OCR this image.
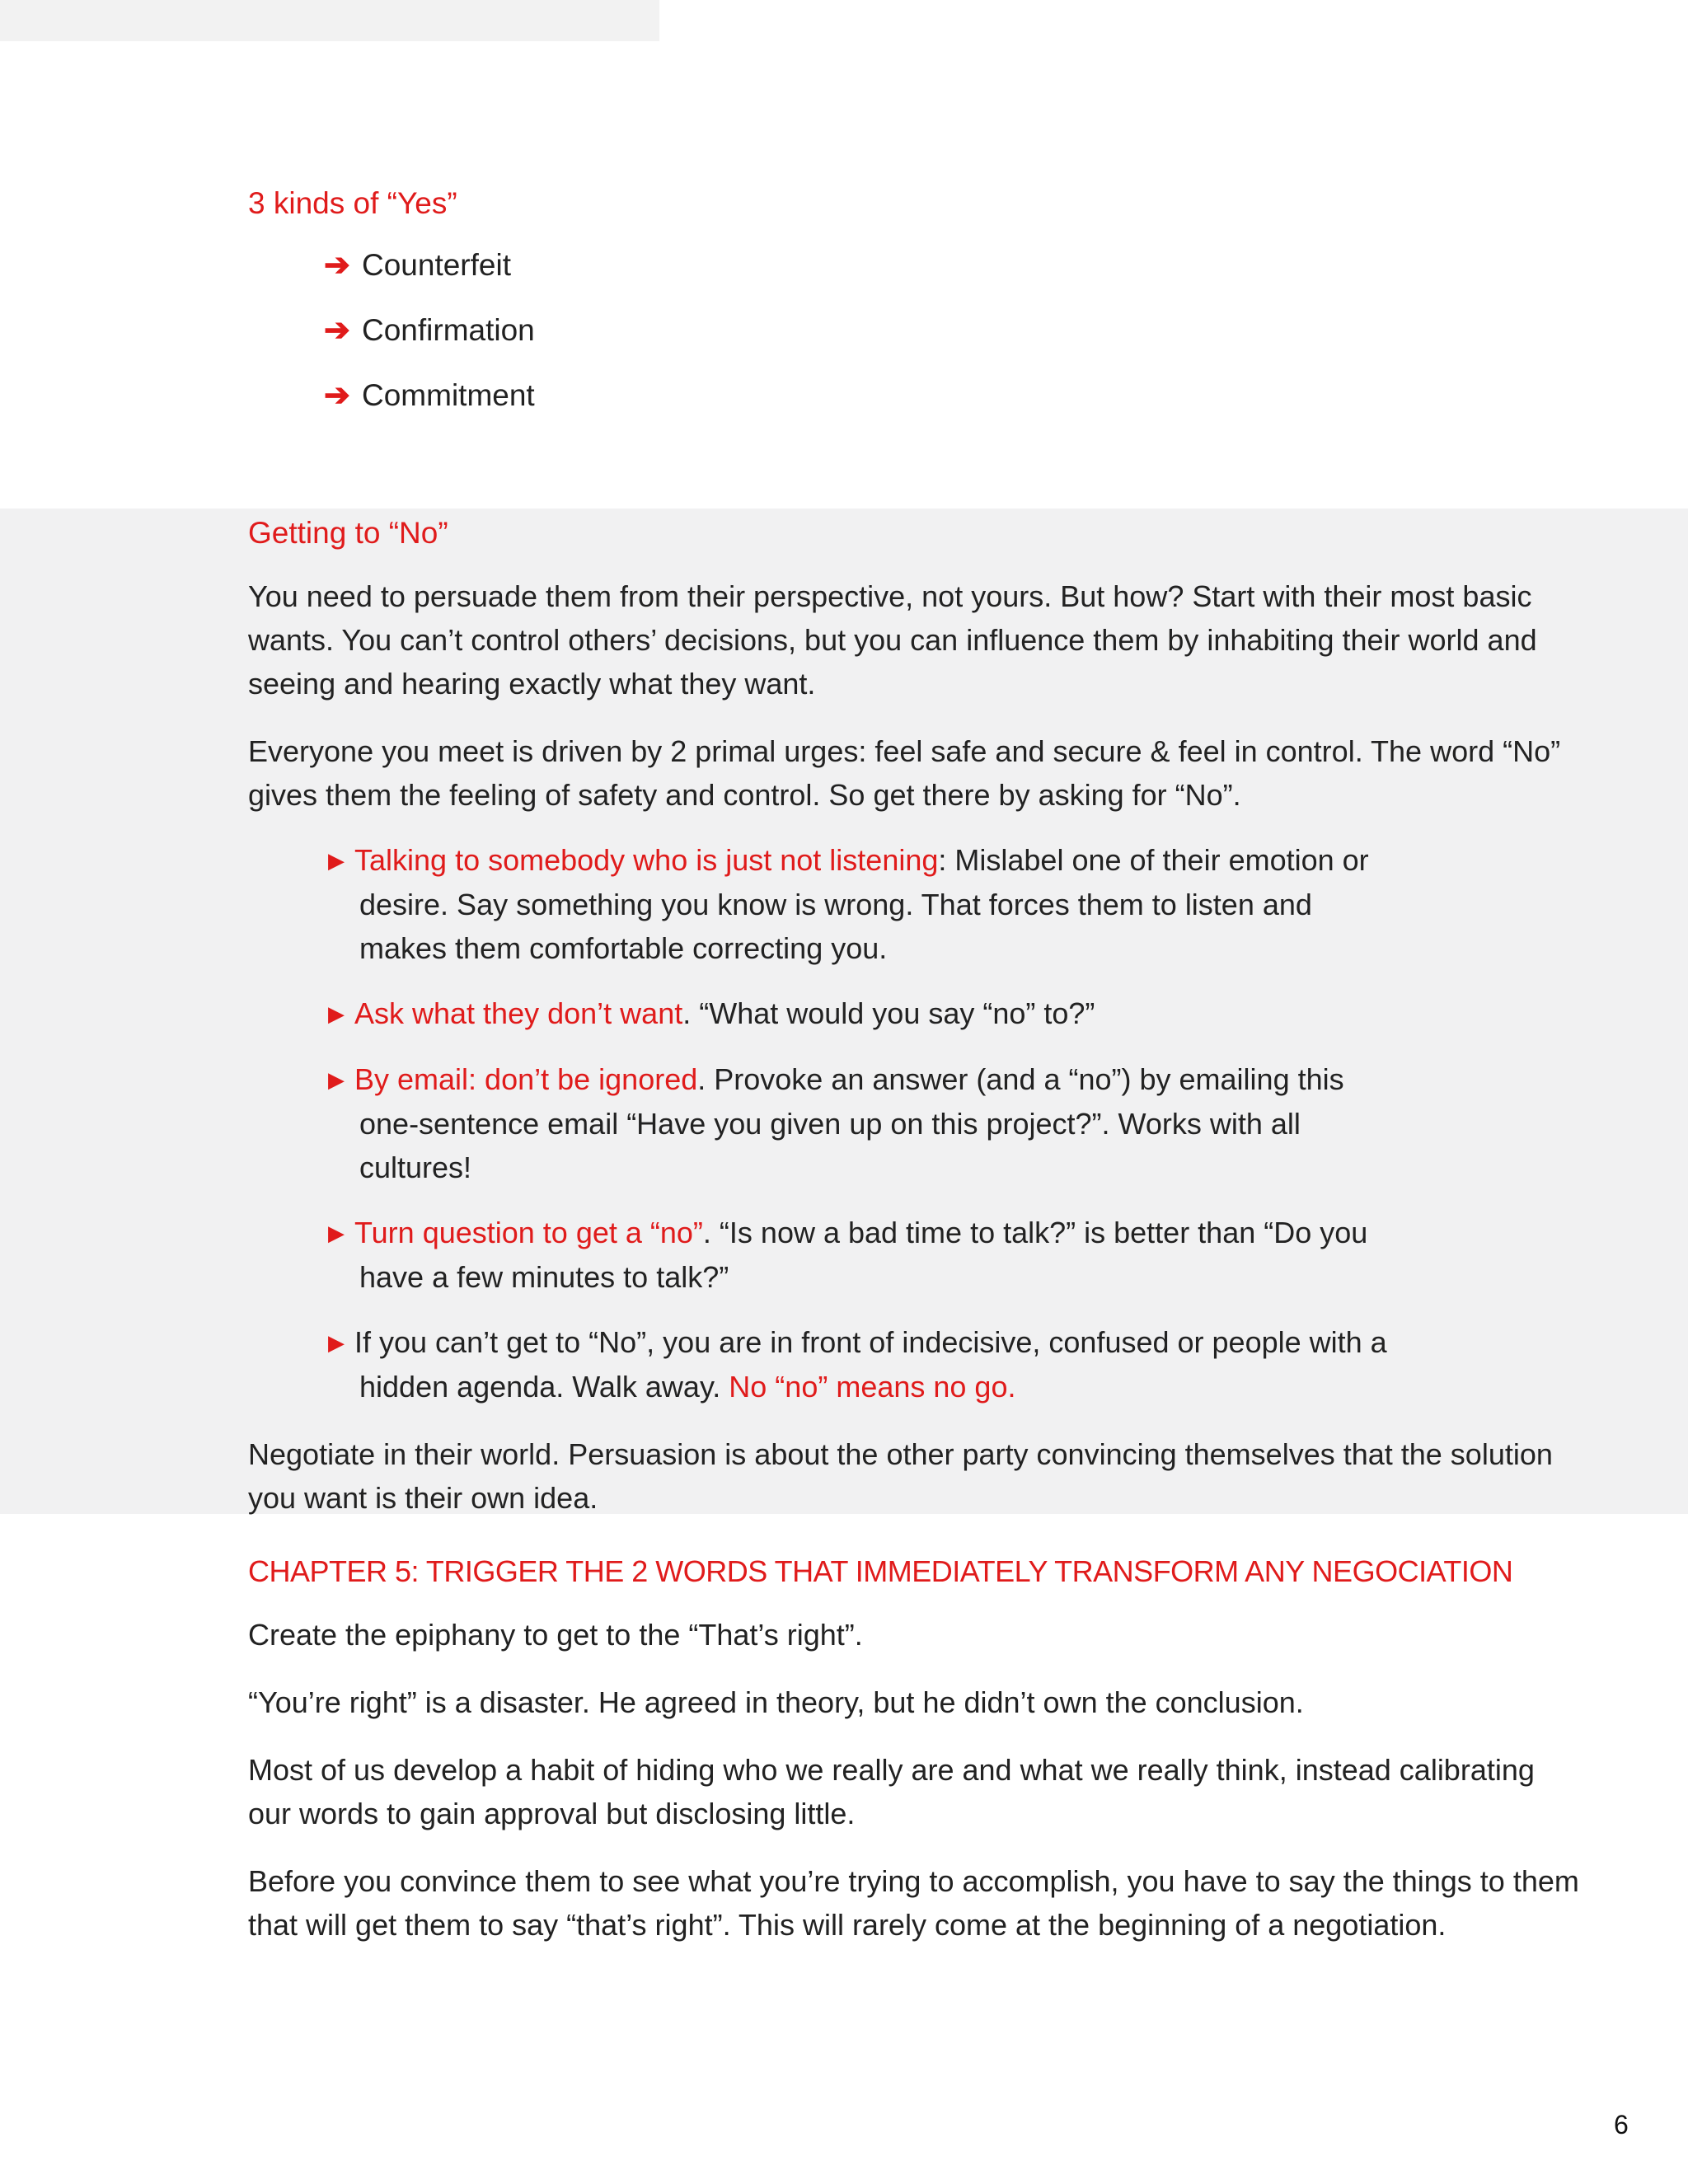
3 kinds of “Yes”
➔ Counterfeit
➔ Confirmation
➔ Commitment
Getting to “No”

You need to persuade them from their perspective, not yours. But how? Start with their most basic wants. You can’t control others’ decisions, but you can influence them by inhabiting their world and seeing and hearing exactly what they want.

Everyone you meet is driven by 2 primal urges: feel safe and secure & feel in control. The word “No” gives them the feeling of safety and control. So get there by asking for “No”.

▶ Talking to somebody who is just not listening: Mislabel one of their emotion or desire. Say something you know is wrong. That forces them to listen and makes them comfortable correcting you.
▶ Ask what they don’t want. “What would you say “no” to?”
▶ By email: don’t be ignored. Provoke an answer (and a “no”) by emailing this one-sentence email “Have you given up on this project?”. Works with all cultures!
▶ Turn question to get a “no”. “Is now a bad time to talk?” is better than “Do you have a few minutes to talk?”
▶ If you can’t get to “No”, you are in front of indecisive, confused or people with a hidden agenda. Walk away. No “no” means no go.

Negotiate in their world. Persuasion is about the other party convincing themselves that the solution you want is their own idea.

CHAPTER 5: TRIGGER THE 2 WORDS THAT IMMEDIATELY TRANSFORM ANY NEGOCIATION

Create the epiphany to get to the “That’s right”.

“You’re right” is a disaster. He agreed in theory, but he didn’t own the conclusion.

Most of us develop a habit of hiding who we really are and what we really think, instead calibrating our words to gain approval but disclosing little.

Before you convince them to see what you’re trying to accomplish, you have to say the things to them that will get them to say “that’s right”. This will rarely come at the beginning of a negotiation.

6
